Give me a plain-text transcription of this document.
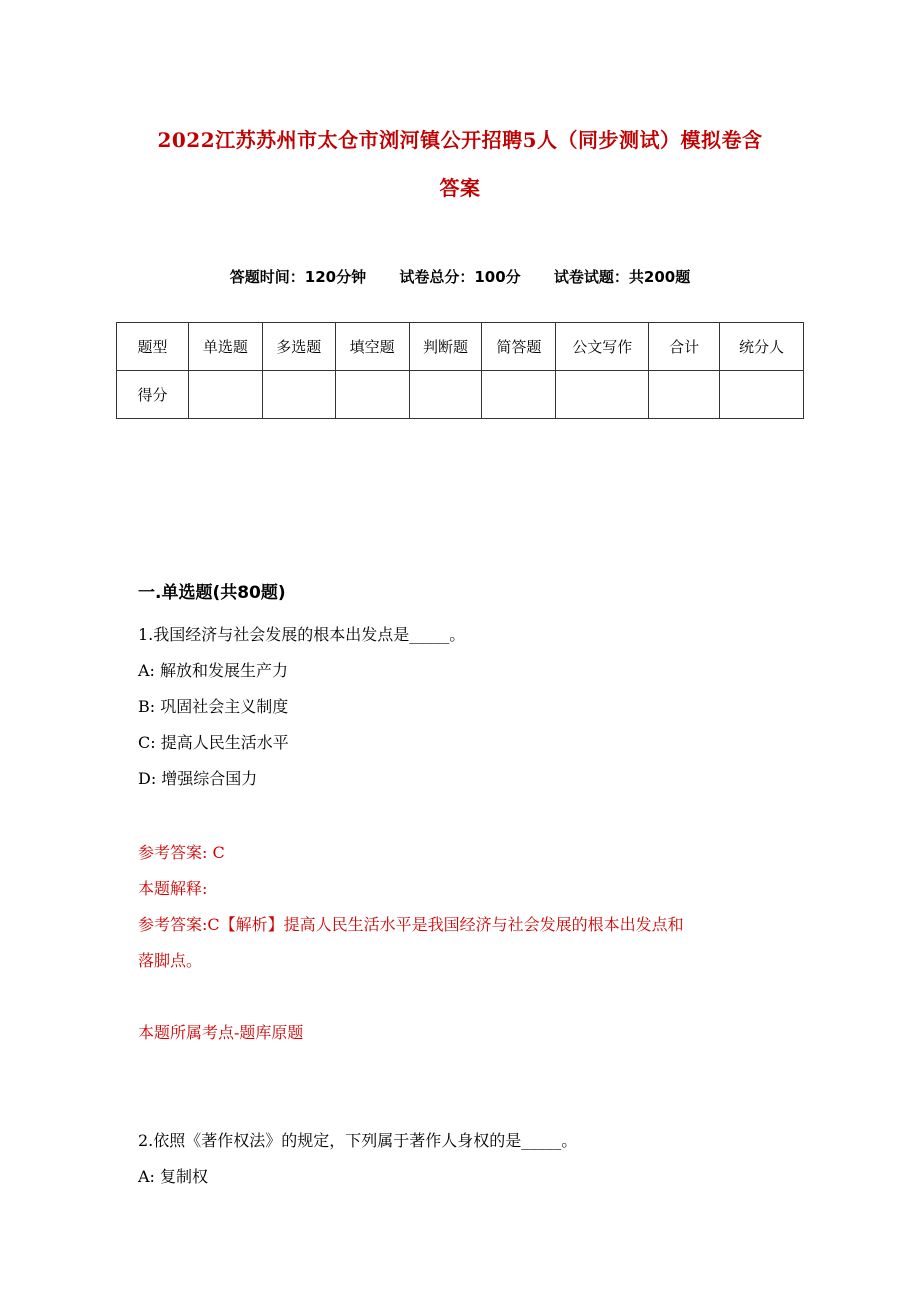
2022江苏苏州市太仓市浏河镇公开招聘5人（同步测试）模拟卷含
答案
答题时间：120分钟 试卷总分：100分 试卷试题：共200题
题型	单选题	多选题	填空题	判断题	简答题	公文写作	合计	统分人
得分								
一.单选题(共80题)
1.我国经济与社会发展的根本出发点是_____。
A: 解放和发展生产力
B: 巩固社会主义制度
C: 提高人民生活水平
D: 增强综合国力
参考答案: C
本题解释:
参考答案:C【解析】提高人民生活水平是我国经济与社会发展的根本出发点和
落脚点。
本题所属考点-题库原题
2.依照《著作权法》的规定，下列属于著作人身权的是_____。
A: 复制权
